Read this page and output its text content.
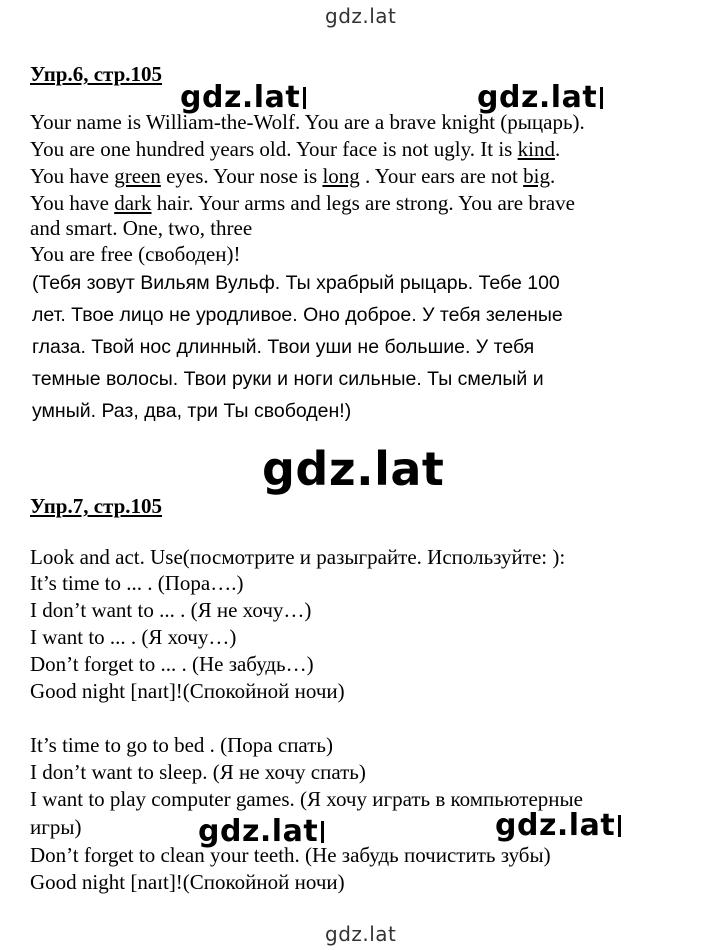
gdz.lat
gdz.lat	gdz.lat
gdz.lat
gdz.lat	gdz.lat
gdz.lat
Упр.6, стр.105
Your name is William-the-Wolf. You are a brave knight (рыцарь).
You are one hundred years old. Your face is not ugly. It is kind.
You have green eyes. Your nose is long . Your ears are not big.
You have dark hair. Your arms and legs are strong. You are brave
and smart. One, two, three
You are free (свободен)!
(Тебя зовут Вильям Вульф. Ты храбрый рыцарь. Тебе 100
лет. Твое лицо не уродливое. Оно доброе. У тебя зеленые
глаза. Твой нос длинный. Твои уши не большие. У тебя
темные волосы. Твои руки и ноги сильные. Ты смелый и
умный. Раз, два, три Ты свободен!)
Упр.7, стр.105
Look and act. Use(посмотрите и разыграйте. Используйте: ):
It’s time to ... . (Пора….)
I don’t want to ... . (Я не хочу…)
I want to ... . (Я хочу…)
Don’t forget to ... . (Не забудь…)
Good night [naɪt]!(Спокойной ночи)
It’s time to go to bed . (Пора спать)
I don’t want to sleep. (Я не хочу спать)
I want to play computer games. (Я хочу играть в компьютерные
игры)
Don’t forget to clean your teeth. (Не забудь почистить зубы)
Good night [naɪt]!(Спокойной ночи)
